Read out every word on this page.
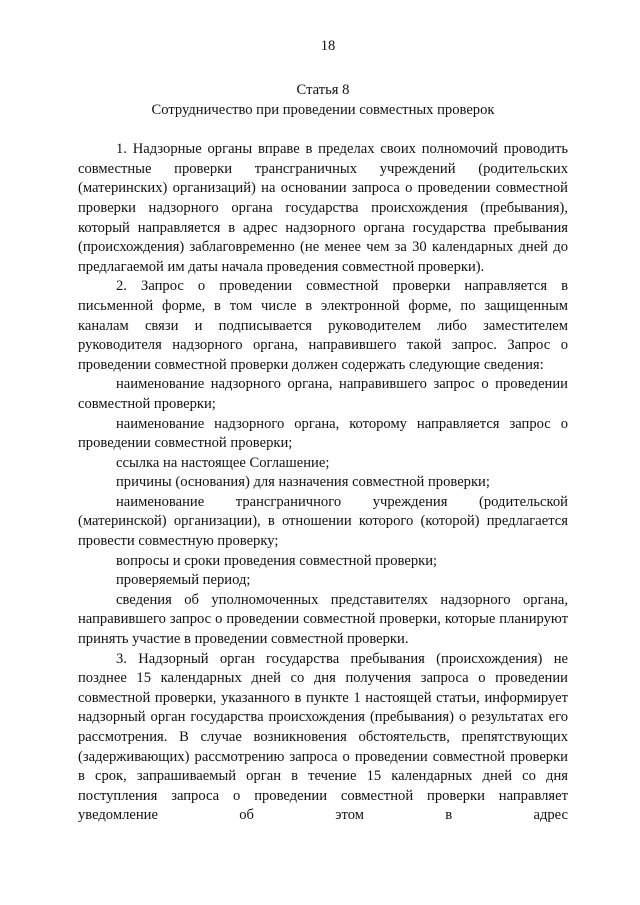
18
Статья 8
Сотрудничество при проведении совместных проверок

1. Надзорные органы вправе в пределах своих полномочий проводить совместные проверки трансграничных учреждений (родительских (материнских) организаций) на основании запроса о проведении совместной проверки надзорного органа государства происхождения (пребывания), который направляется в адрес надзорного органа государства пребывания (происхождения) заблаговременно (не менее чем за 30 календарных дней до предлагаемой им даты начала проведения совместной проверки).

2. Запрос о проведении совместной проверки направляется в письменной форме, в том числе в электронной форме, по защищенным каналам связи и подписывается руководителем либо заместителем руководителя надзорного органа, направившего такой запрос. Запрос о проведении совместной проверки должен содержать следующие сведения:

наименование надзорного органа, направившего запрос о проведении совместной проверки;

наименование надзорного органа, которому направляется запрос о проведении совместной проверки;

ссылка на настоящее Соглашение;

причины (основания) для назначения совместной проверки;

наименование трансграничного учреждения (родительской (материнской) организации), в отношении которого (которой) предлагается провести совместную проверку;

вопросы и сроки проведения совместной проверки;

проверяемый период;

сведения об уполномоченных представителях надзорного органа, направившего запрос о проведении совместной проверки, которые планируют принять участие в проведении совместной проверки.

3. Надзорный орган государства пребывания (происхождения) не позднее 15 календарных дней со дня получения запроса о проведении совместной проверки, указанного в пункте 1 настоящей статьи, информирует надзорный орган государства происхождения (пребывания) о результатах его рассмотрения. В случае возникновения обстоятельств, препятствующих (задерживающих) рассмотрению запроса о проведении совместной проверки в срок, запрашиваемый орган в течение 15 календарных дней со дня поступления запроса о проведении совместной проверки направляет уведомление об этом в адрес
